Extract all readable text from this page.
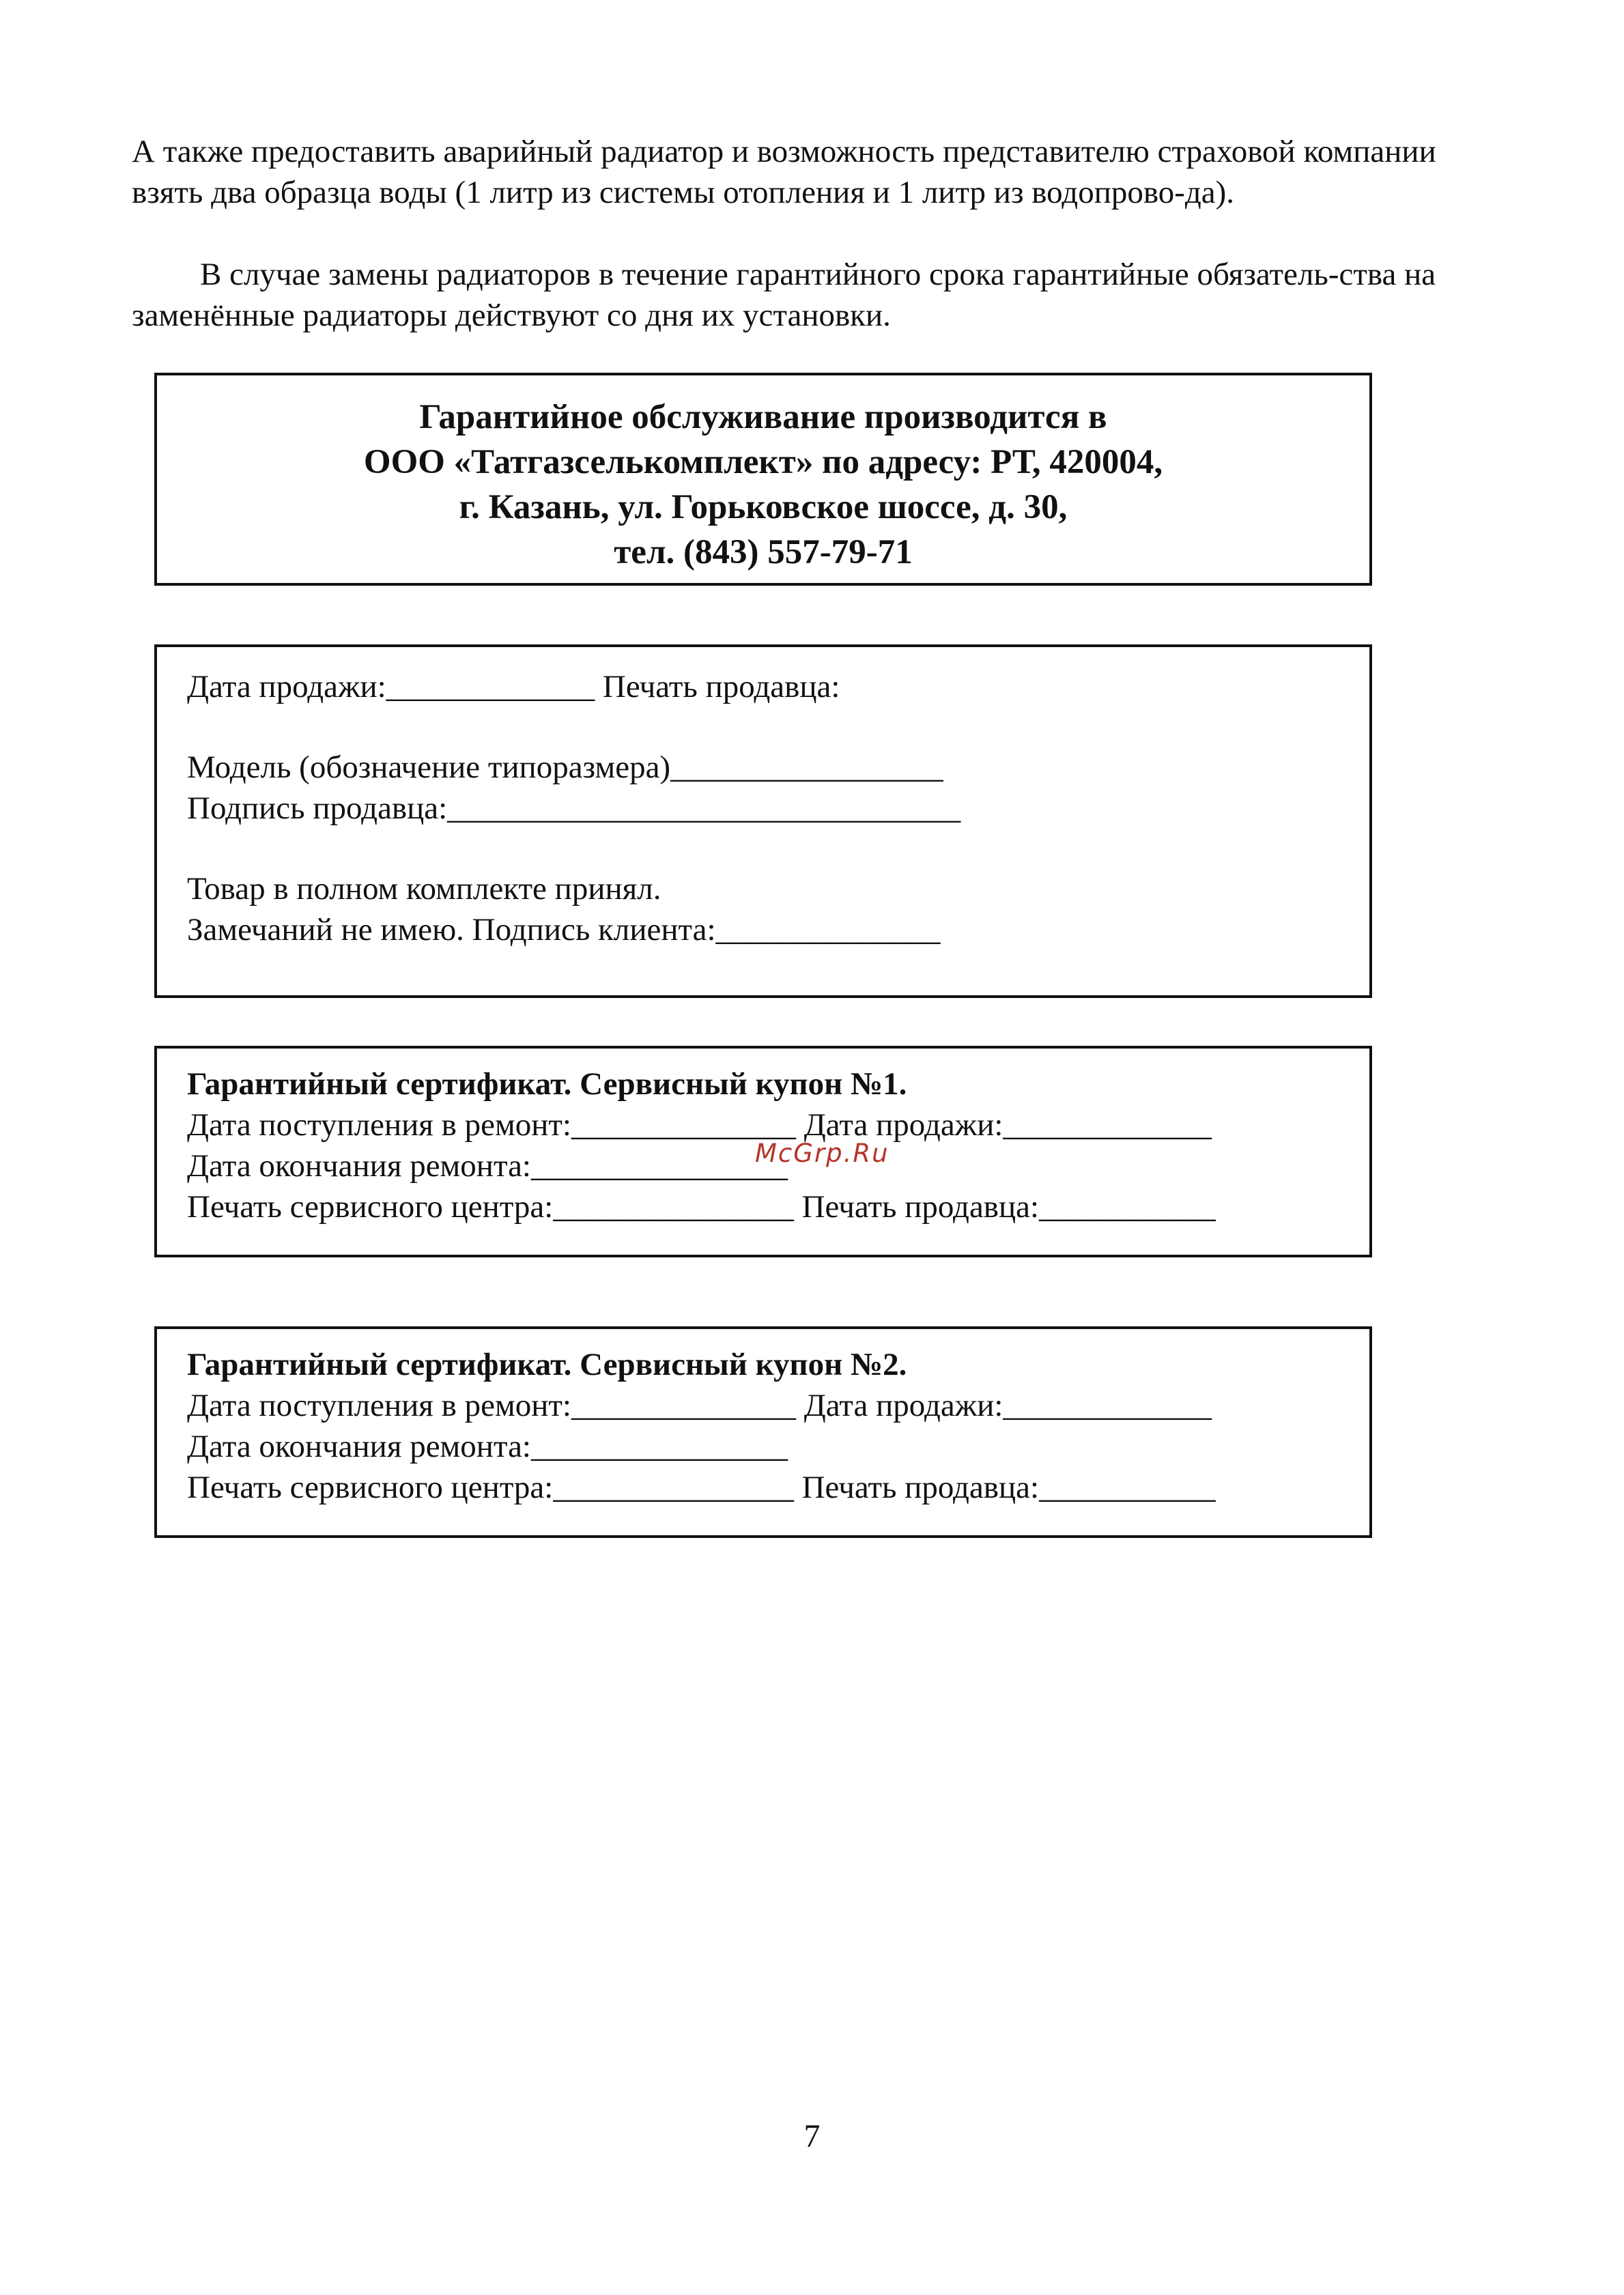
А также предоставить аварийный радиатор и возможность представителю страховой компании взять два образца воды (1 литр из системы отопления и 1 литр из водопрово-да).

В случае замены радиаторов в течение гарантийного срока гарантийные обязатель-ства на заменённые радиаторы действуют со дня их установки.

Гарантийное обслуживание производится в
ООО «Татгазселькомплект» по адресу: РТ, 420004,
г. Казань, ул. Горьковское шоссе, д. 30,
тел. (843) 557-79-71
Дата продажи:_____________ Печать продавца:
Модель (обозначение типоразмера)_________________
Подпись продавца:________________________________
Товар в полном комплекте принял.
Замечаний не имею. Подпись клиента:______________
Гарантийный сертификат. Сервисный купон №1.
Дата поступления в ремонт:______________ Дата продажи:_____________
Дата окончания ремонта:________________
Печать сервисного центра:_______________ Печать продавца:___________
Гарантийный сертификат. Сервисный купон №2.
Дата поступления в ремонт:______________ Дата продажи:_____________
Дата окончания ремонта:________________
Печать сервисного центра:_______________ Печать продавца:___________
McGrp.Ru
7
